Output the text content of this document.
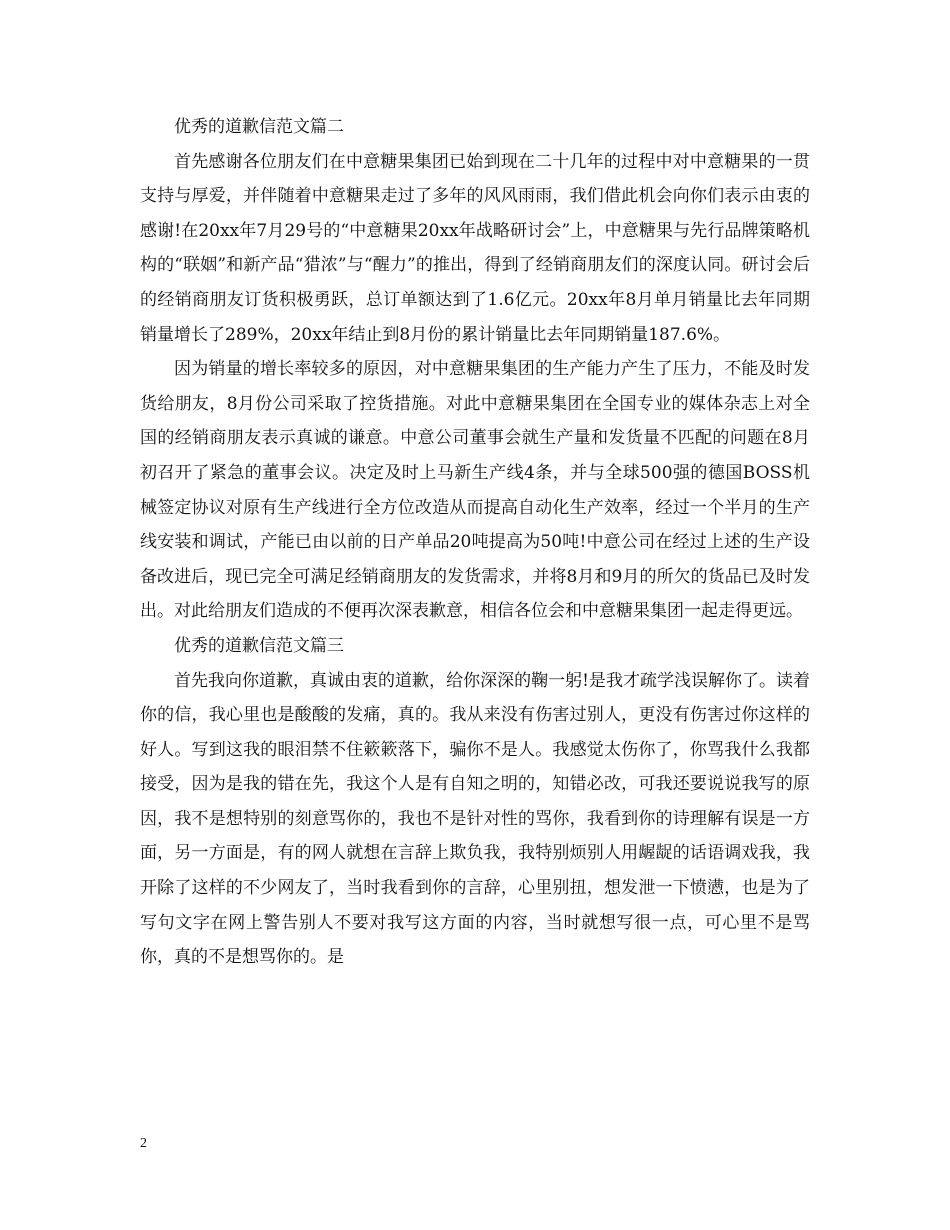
优秀的道歉信范文篇二

首先感谢各位朋友们在中意糖果集团已始到现在二十几年的过程中对中意糖果的一贯支持与厚爱，并伴随着中意糖果走过了多年的风风雨雨，我们借此机会向你们表示由衷的感谢!在20xx年7月29号的“中意糖果20xx年战略研讨会”上，中意糖果与先行品牌策略机构的“联姻”和新产品“猎浓”与“醒力”的推出，得到了经销商朋友们的深度认同。研讨会后的经销商朋友订货积极勇跃，总订单额达到了1.6亿元。20xx年8月单月销量比去年同期销量增长了289%，20xx年结止到8月份的累计销量比去年同期销量187.6%。

因为销量的增长率较多的原因，对中意糖果集团的生产能力产生了压力，不能及时发货给朋友，8月份公司采取了控货措施。对此中意糖果集团在全国专业的媒体杂志上对全国的经销商朋友表示真诚的谦意。中意公司董事会就生产量和发货量不匹配的问题在8月初召开了紧急的董事会议。决定及时上马新生产线4条，并与全球500强的德国BOSS机械签定协议对原有生产线进行全方位改造从而提高自动化生产效率，经过一个半月的生产线安装和调试，产能已由以前的日产单品20吨提高为50吨!中意公司在经过上述的生产设备改进后，现已完全可满足经销商朋友的发货需求，并将8月和9月的所欠的货品已及时发出。对此给朋友们造成的不便再次深表歉意，相信各位会和中意糖果集团一起走得更远。

优秀的道歉信范文篇三

首先我向你道歉，真诚由衷的道歉，给你深深的鞠一躬!是我才疏学浅误解你了。读着你的信，我心里也是酸酸的发痛，真的。我从来没有伤害过别人，更没有伤害过你这样的好人。写到这我的眼泪禁不住簌簌落下，骗你不是人。我感觉太伤你了，你骂我什么我都接受，因为是我的错在先，我这个人是有自知之明的，知错必改，可我还要说说我写的原因，我不是想特别的刻意骂你的，我也不是针对性的骂你，我看到你的诗理解有误是一方面，另一方面是，有的网人就想在言辞上欺负我，我特别烦别人用龌龊的话语调戏我，我开除了这样的不少网友了，当时我看到你的言辞，心里别扭，想发泄一下愤懑，也是为了写句文字在网上警告别人不要对我写这方面的内容，当时就想写很一点，可心里不是骂你，真的不是想骂你的。是

2
